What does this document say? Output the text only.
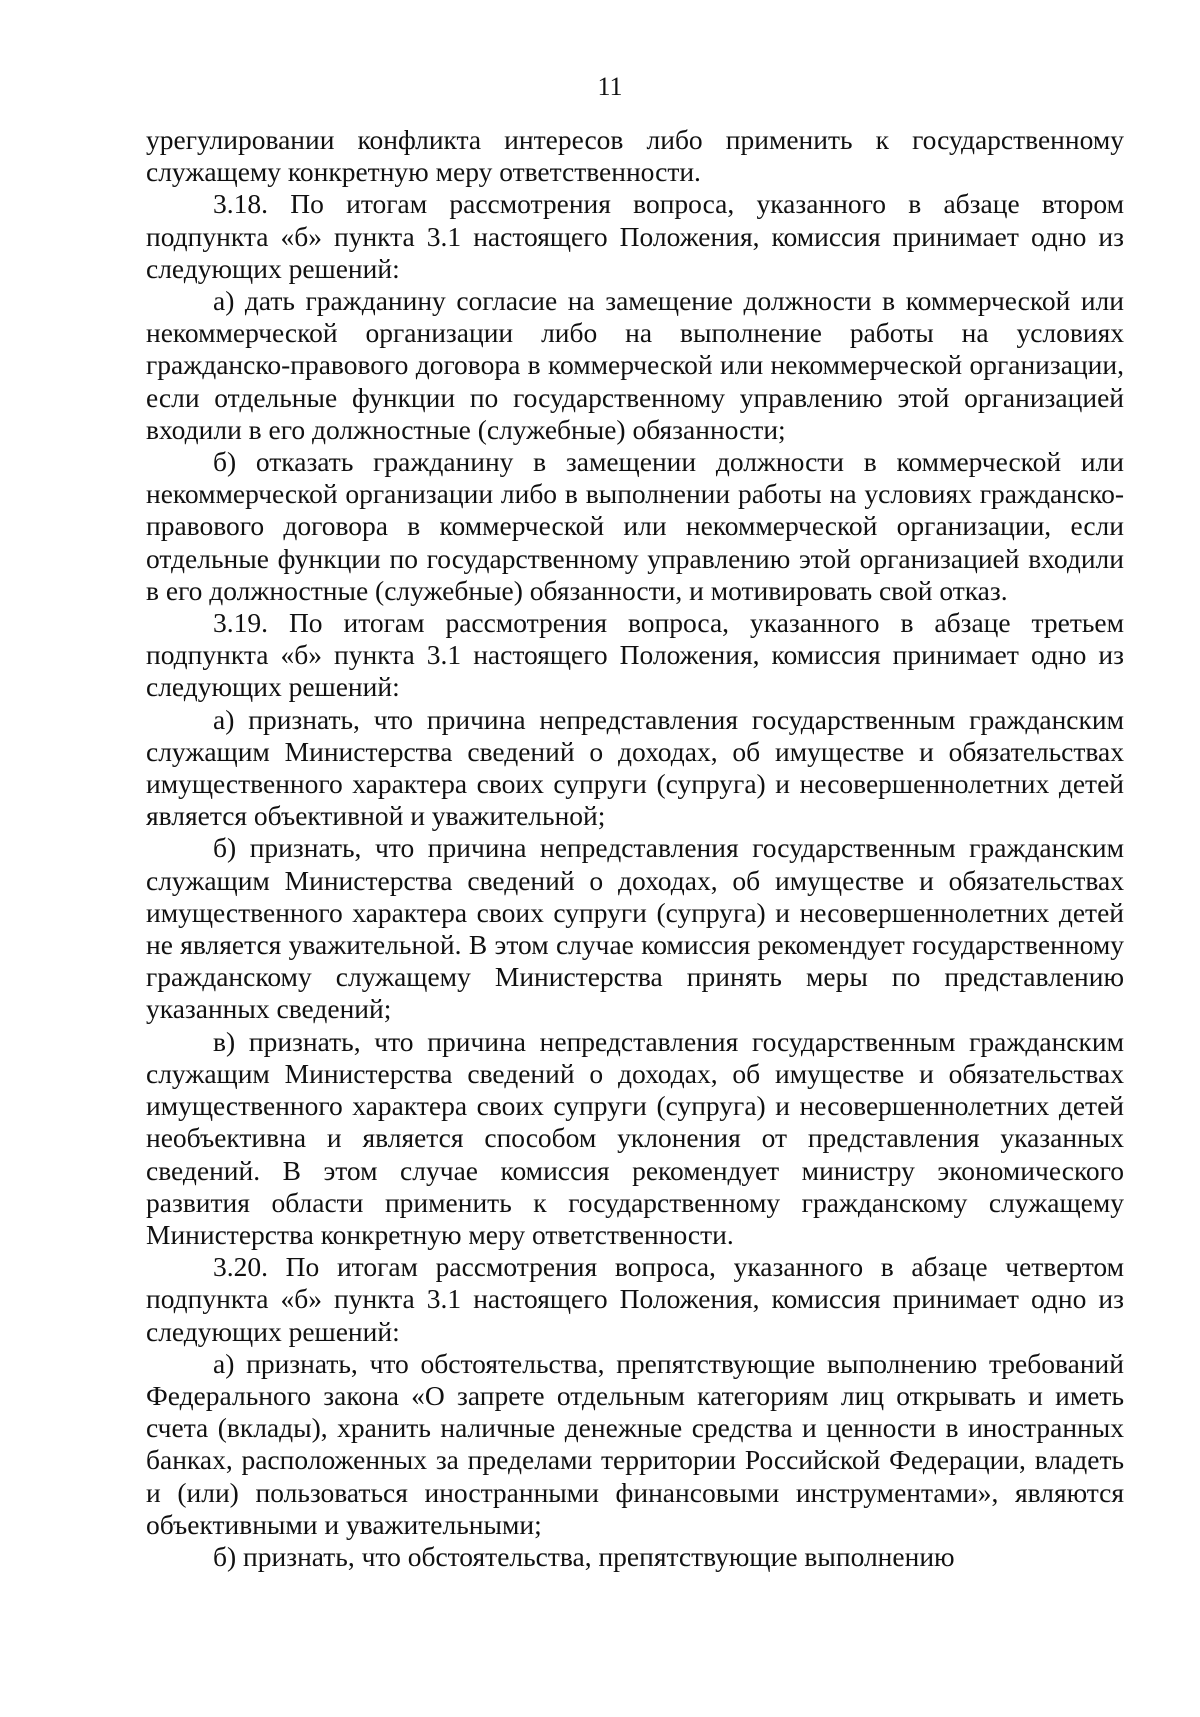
11

урегулировании конфликта интересов либо применить к государственному служащему конкретную меру ответственности.

3.18. По итогам рассмотрения вопроса, указанного в абзаце втором подпункта «б» пункта 3.1 настоящего Положения, комиссия принимает одно из следующих решений:

а) дать гражданину согласие на замещение должности в коммерческой или некоммерческой организации либо на выполнение работы на условиях гражданско-правового договора в коммерческой или некоммерческой организации, если отдельные функции по государственному управлению этой организацией входили в его должностные (служебные) обязанности;

б) отказать гражданину в замещении должности в коммерческой или некоммерческой организации либо в выполнении работы на условиях гражданско-правового договора в коммерческой или некоммерческой организации, если отдельные функции по государственному управлению этой организацией входили в его должностные (служебные) обязанности, и мотивировать свой отказ.

3.19. По итогам рассмотрения вопроса, указанного в абзаце третьем подпункта «б» пункта 3.1 настоящего Положения, комиссия принимает одно из следующих решений:

а) признать, что причина непредставления государственным гражданским служащим Министерства сведений о доходах, об имуществе и обязательствах имущественного характера своих супруги (супруга) и несовершеннолетних детей является объективной и уважительной;

б) признать, что причина непредставления государственным гражданским служащим Министерства сведений о доходах, об имуществе и обязательствах имущественного характера своих супруги (супруга) и несовершеннолетних детей не является уважительной. В этом случае комиссия рекомендует государственному гражданскому служащему Министерства принять меры по представлению указанных сведений;

в) признать, что причина непредставления государственным гражданским служащим Министерства сведений о доходах, об имуществе и обязательствах имущественного характера своих супруги (супруга) и несовершеннолетних детей необъективна и является способом уклонения от представления указанных сведений. В этом случае комиссия рекомендует министру экономического развития области применить к государственному гражданскому служащему Министерства конкретную меру ответственности.

3.20. По итогам рассмотрения вопроса, указанного в абзаце четвертом подпункта «б» пункта 3.1 настоящего Положения, комиссия принимает одно из следующих решений:

а) признать, что обстоятельства, препятствующие выполнению требований Федерального закона «О запрете отдельным категориям лиц открывать и иметь счета (вклады), хранить наличные денежные средства и ценности в иностранных банках, расположенных за пределами территории Российской Федерации, владеть и (или) пользоваться иностранными финансовыми инструментами», являются объективными и уважительными;

б) признать, что обстоятельства, препятствующие выполнению
